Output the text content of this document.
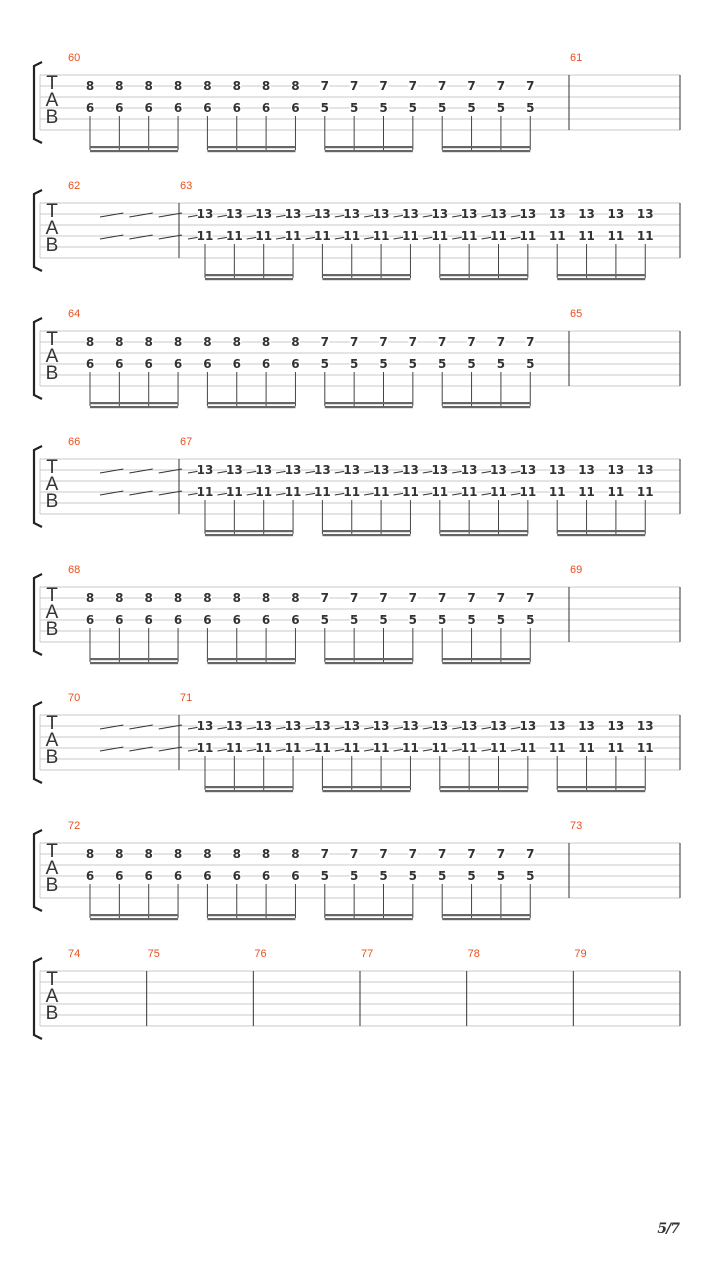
T
A
B
60
8
6
8
6
8
6
8
6
8
6
8
6
8
6
8
6
7
5
7
5
7
5
7
5
7
5
7
5
7
5
7
5
61
T
A
B
62	63
13
11
13
11
13
11
13
11
13
11
13
11
13
11
13
11
13
11
13
11
13
11
13
11
13
11
13
11
13
11
13
11
T
A
B
64
8
6
8
6
8
6
8
6
8
6
8
6
8
6
8
6
7
5
7
5
7
5
7
5
7
5
7
5
7
5
7
5
65
T
A
B
66	67
13
11
13
11
13
11
13
11
13
11
13
11
13
11
13
11
13
11
13
11
13
11
13
11
13
11
13
11
13
11
13
11
T
A
B
68
8
6
8
6
8
6
8
6
8
6
8
6
8
6
8
6
7
5
7
5
7
5
7
5
7
5
7
5
7
5
7
5
69
T
A
B
70	71
13
11
13
11
13
11
13
11
13
11
13
11
13
11
13
11
13
11
13
11
13
11
13
11
13
11
13
11
13
11
13
11
T
A
B
72
8
6
8
6
8
6
8
6
8
6
8
6
8
6
8
6
7
5
7
5
7
5
7
5
7
5
7
5
7
5
7
5
73
T
A
B
74	75	76	77	78	79
5/7
